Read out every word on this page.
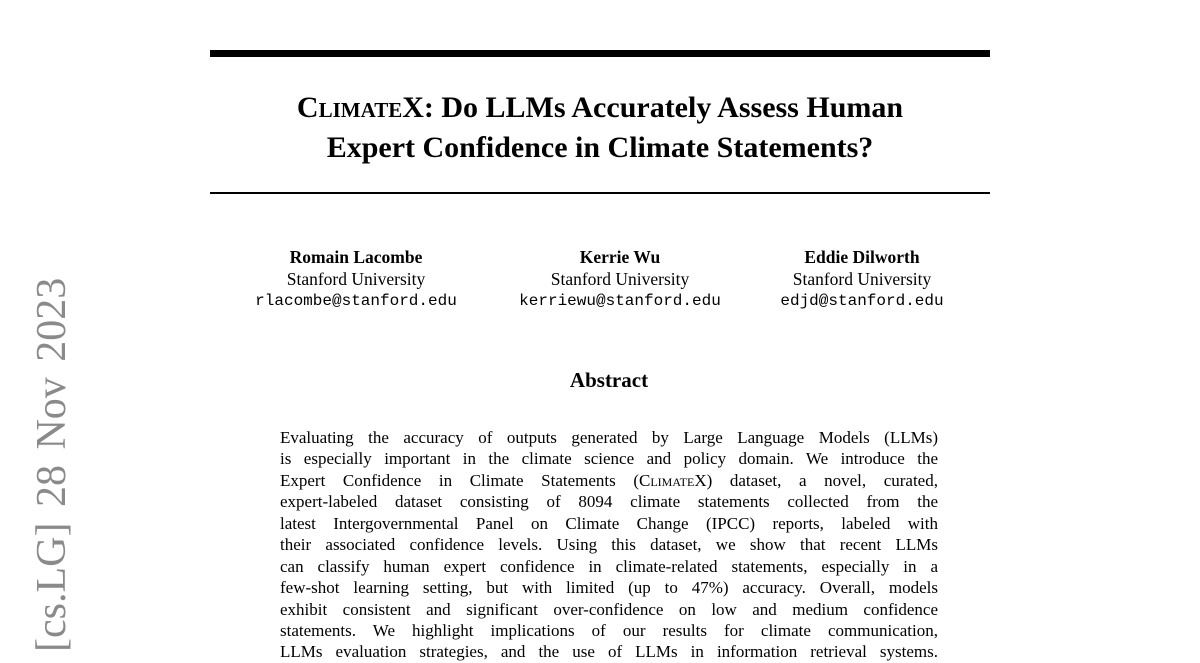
[cs.LG] 28 Nov 2023
ClimateX: Do LLMs Accurately Assess Human
Expert Confidence in Climate Statements?
Romain Lacombe
Stanford University
rlacombe@stanford.edu
Kerrie Wu
Stanford University
kerriewu@stanford.edu
Eddie Dilworth
Stanford University
edjd@stanford.edu
Abstract
Evaluating the accuracy of outputs generated by Large Language Models (LLMs)
is especially important in the climate science and policy domain. We introduce the
Expert Confidence in Climate Statements (ClimateX) dataset, a novel, curated,
expert-labeled dataset consisting of 8094 climate statements collected from the
latest Intergovernmental Panel on Climate Change (IPCC) reports, labeled with
their associated confidence levels. Using this dataset, we show that recent LLMs
can classify human expert confidence in climate-related statements, especially in a
few-shot learning setting, but with limited (up to 47%) accuracy. Overall, models
exhibit consistent and significant over-confidence on low and medium confidence
statements. We highlight implications of our results for climate communication,
LLMs evaluation strategies, and the use of LLMs in information retrieval systems.
